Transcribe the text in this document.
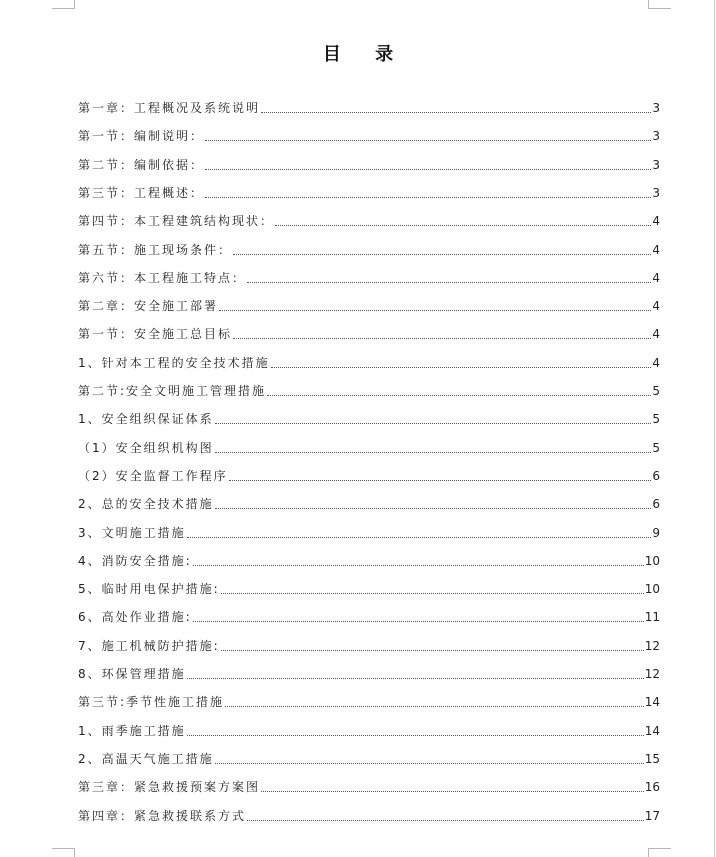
目 录
第一章：工程概况及系统说明	3
第一节：编制说明：	3
第二节：编制依据：	3
第三节：工程概述：	3
第四节：本工程建筑结构现状：	4
第五节：施工现场条件：	4
第六节：本工程施工特点：	4
第二章：安全施工部署	4
第一节：安全施工总目标	4
1、针对本工程的安全技术措施	4
第二节:安全文明施工管理措施	5
1、安全组织保证体系	5
（1）安全组织机构图	5
（2）安全监督工作程序	6
2、总的安全技术措施	6
3、文明施工措施	9
4、消防安全措施:	10
5、临时用电保护措施:	10
6、高处作业措施:	11
7、施工机械防护措施:	12
8、环保管理措施	12
第三节:季节性施工措施	14
1、雨季施工措施	14
2、高温天气施工措施	15
第三章：紧急救援预案方案图	16
第四章：紧急救援联系方式	17
